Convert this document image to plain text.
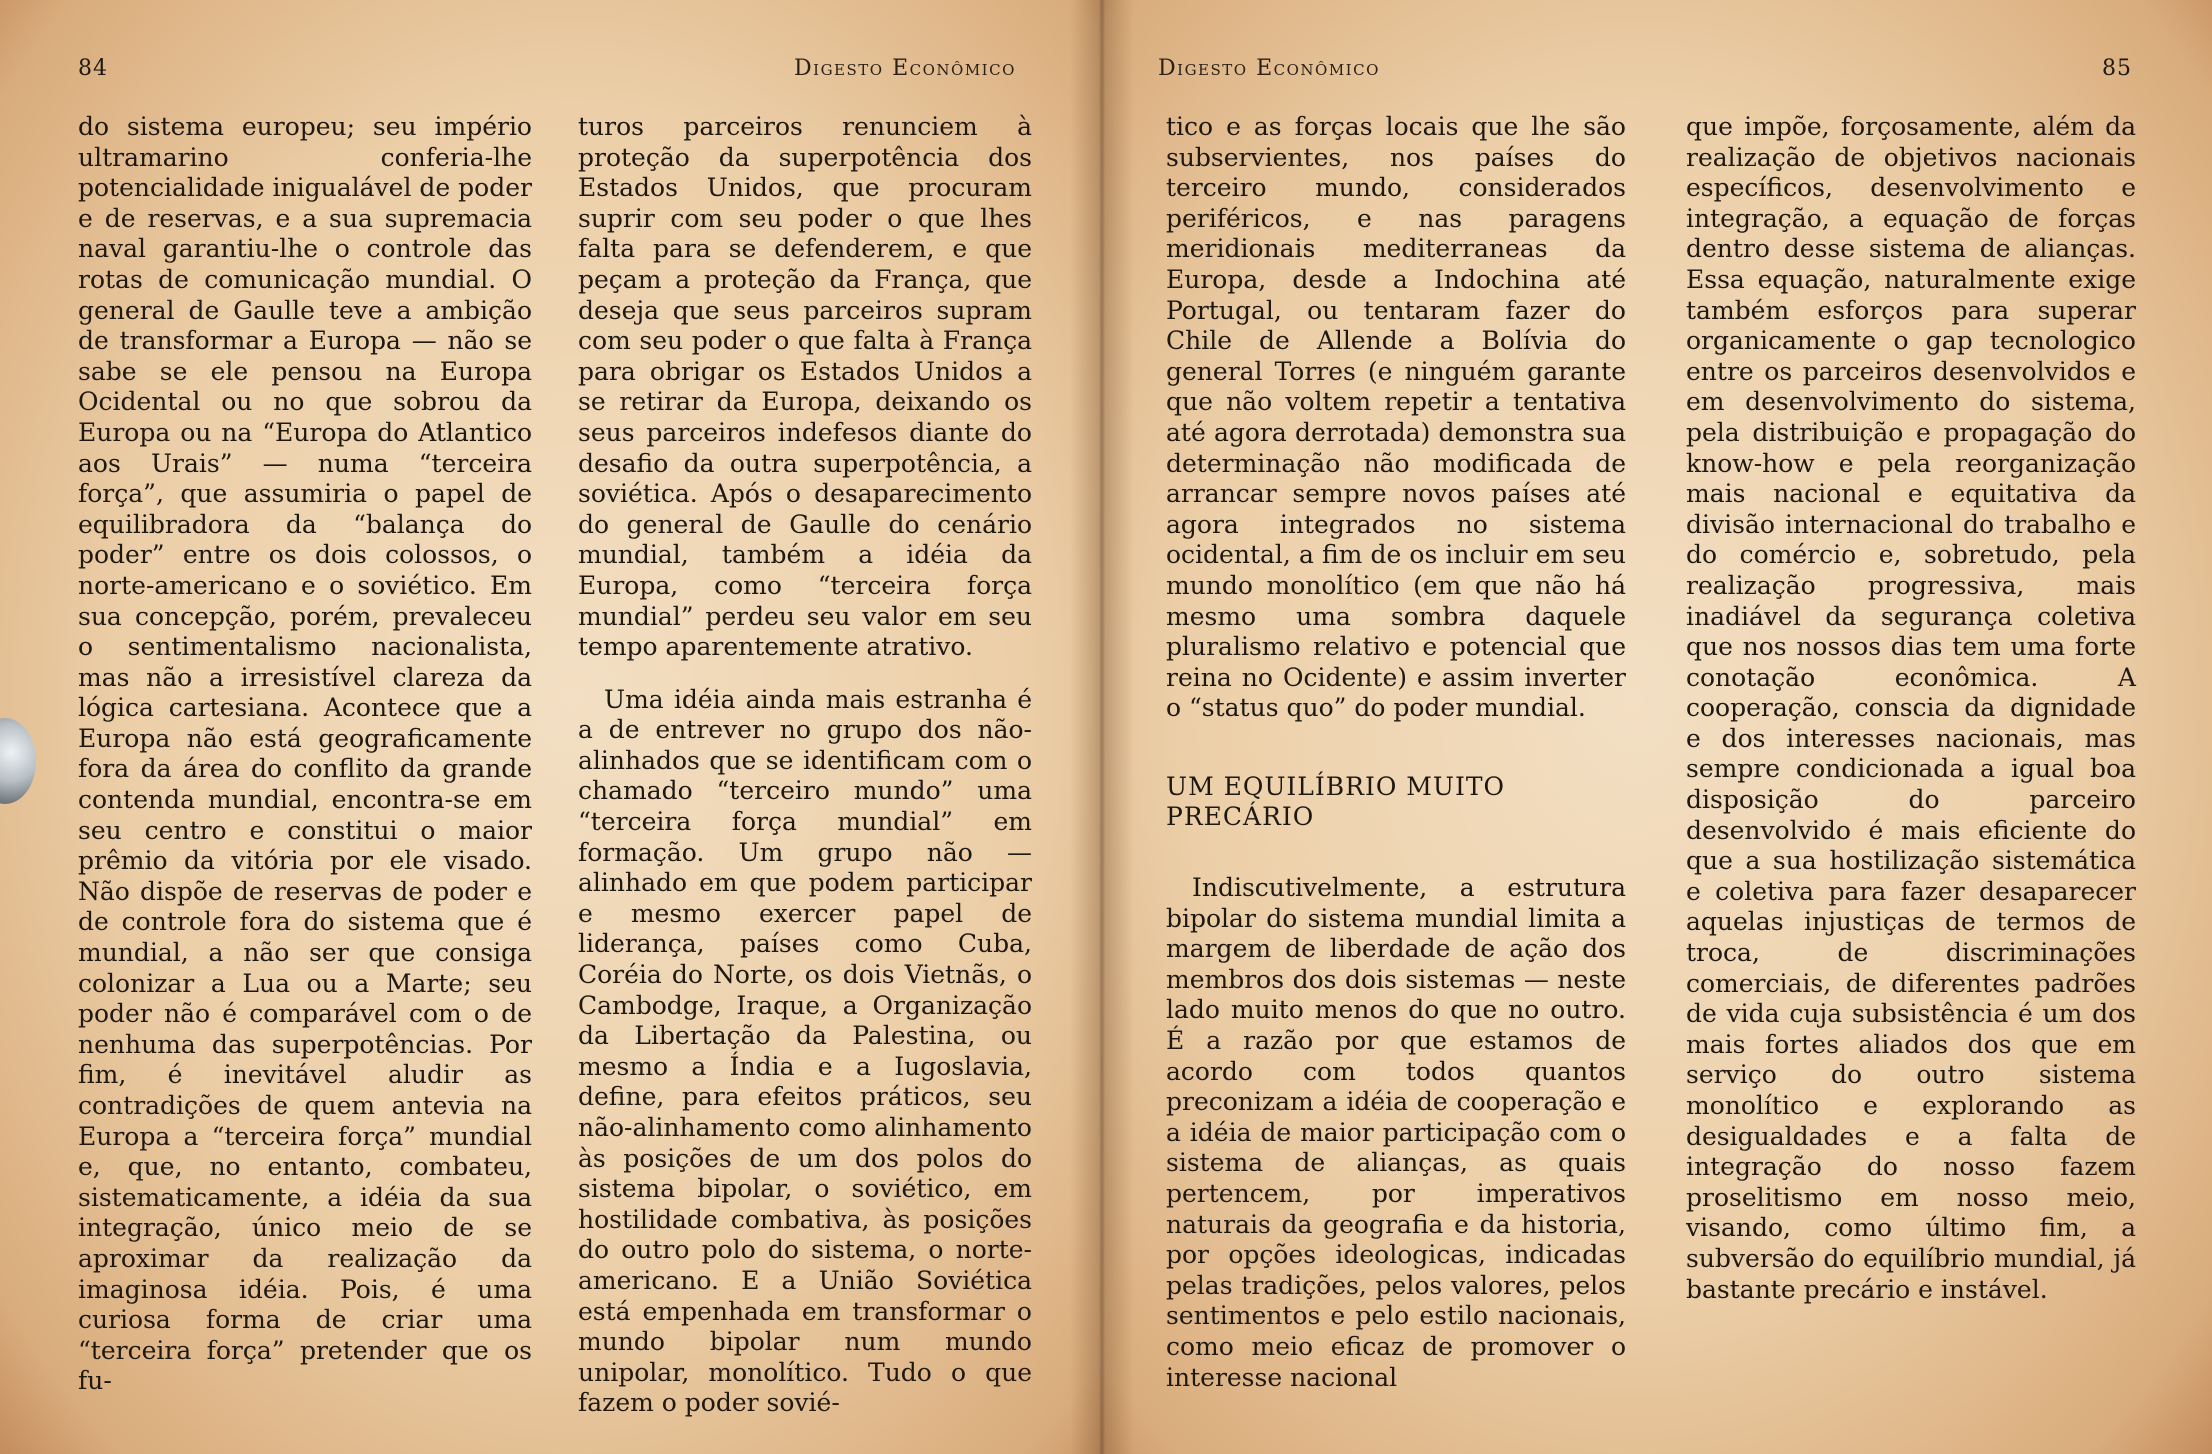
84	Digesto Econômico

do sistema europeu; seu império ultramarino conferia-lhe potencialidade inigualável de poder e de reservas, e a sua supremacia naval garantiu-lhe o controle das rotas de comunicação mundial. O general de Gaulle teve a ambição de transformar a Europa — não se sabe se ele pensou na Europa Ocidental ou no que sobrou da Europa ou na “Europa do Atlantico aos Urais” — numa “terceira força”, que assumiria o papel de equilibradora da “balança do poder” entre os dois colossos, o norte-americano e o soviético. Em sua concepção, porém, prevaleceu o sentimentalismo nacionalista, mas não a irresistível clareza da lógica cartesiana. Acontece que a Europa não está geograficamente fora da área do conflito da grande contenda mundial, encontra-se em seu centro e constitui o maior prêmio da vitória por ele visado. Não dispõe de reservas de poder e de controle fora do sistema que é mundial, a não ser que consiga colonizar a Lua ou a Marte; seu poder não é comparável com o de nenhuma das superpotências. Por fim, é inevitável aludir as contradições de quem antevia na Europa a “terceira força” mundial e, que, no entanto, combateu, sistematicamente, a idéia da sua integração, único meio de se aproximar da realização da imaginosa idéia. Pois, é uma curiosa forma de criar uma “terceira força” pretender que os fu-

turos parceiros renunciem à proteção da superpotência dos Estados Unidos, que procuram suprir com seu poder o que lhes falta para se defenderem, e que peçam a proteção da França, que deseja que seus parceiros supram com seu poder o que falta à França para obrigar os Estados Unidos a se retirar da Europa, deixando os seus parceiros indefesos diante do desafio da outra superpotência, a soviética. Após o desaparecimento do general de Gaulle do cenário mundial, também a idéia da Europa, como “terceira força mundial” perdeu seu valor em seu tempo aparentemente atrativo.

Uma idéia ainda mais estranha é a de entrever no grupo dos não-alinhados que se identificam com o chamado “terceiro mundo” uma “terceira força mundial” em formação. Um grupo não — alinhado em que podem participar e mesmo exercer papel de liderança, países como Cuba, Coréia do Norte, os dois Vietnãs, o Cambodge, Iraque, a Organização da Libertação da Palestina, ou mesmo a Índia e a Iugoslavia, define, para efeitos práticos, seu não-alinhamento como alinhamento às posições de um dos polos do sistema bipolar, o soviético, em hostilidade combativa, às posições do outro polo do sistema, o norte-americano. E a União Soviética está empenhada em transformar o mundo bipolar num mundo unipolar, monolítico. Tudo o que fazem o poder sovié-

Digesto Econômico	85

tico e as forças locais que lhe são subservientes, nos países do terceiro mundo, considerados periféricos, e nas paragens meridionais mediterraneas da Europa, desde a Indochina até Portugal, ou tentaram fazer do Chile de Allende a Bolívia do general Torres (e ninguém garante que não voltem repetir a tentativa até agora derrotada) demonstra sua determinação não modificada de arrancar sempre novos países até agora integrados no sistema ocidental, a fim de os incluir em seu mundo monolítico (em que não há mesmo uma sombra daquele pluralismo relativo e potencial que reina no Ocidente) e assim inverter o “status quo” do poder mundial.

UM EQUILÍBRIO MUITO PRECÁRIO

Indiscutivelmente, a estrutura bipolar do sistema mundial limita a margem de liberdade de ação dos membros dos dois sistemas — neste lado muito menos do que no outro. É a razão por que estamos de acordo com todos quantos preconizam a idéia de cooperação e a idéia de maior participação com o sistema de alianças, as quais pertencem, por imperativos naturais da geografia e da historia, por opções ideologicas, indicadas pelas tradições, pelos valores, pelos sentimentos e pelo estilo nacionais, como meio eficaz de promover o interesse nacional

que impõe, forçosamente, além da realização de objetivos nacionais específicos, desenvolvimento e integração, a equação de forças dentro desse sistema de alianças. Essa equação, naturalmente exige também esforços para superar organicamente o gap tecnologico entre os parceiros desenvolvidos e em desenvolvimento do sistema, pela distribuição e propagação do know-how e pela reorganização mais nacional e equitativa da divisão internacional do trabalho e do comércio e, sobretudo, pela realização progressiva, mais inadiável da segurança coletiva que nos nossos dias tem uma forte conotação econômica. A cooperação, conscia da dignidade e dos interesses nacionais, mas sempre condicionada a igual boa disposição do parceiro desenvolvido é mais eficiente do que a sua hostilização sistemática e coletiva para fazer desaparecer aquelas injustiças de termos de troca, de discriminações comerciais, de diferentes padrões de vida cuja subsistência é um dos mais fortes aliados dos que em serviço do outro sistema monolítico e explorando as desigualdades e a falta de integração do nosso fazem proselitismo em nosso meio, visando, como último fim, a subversão do equilíbrio mundial, já bastante precário e instável.
